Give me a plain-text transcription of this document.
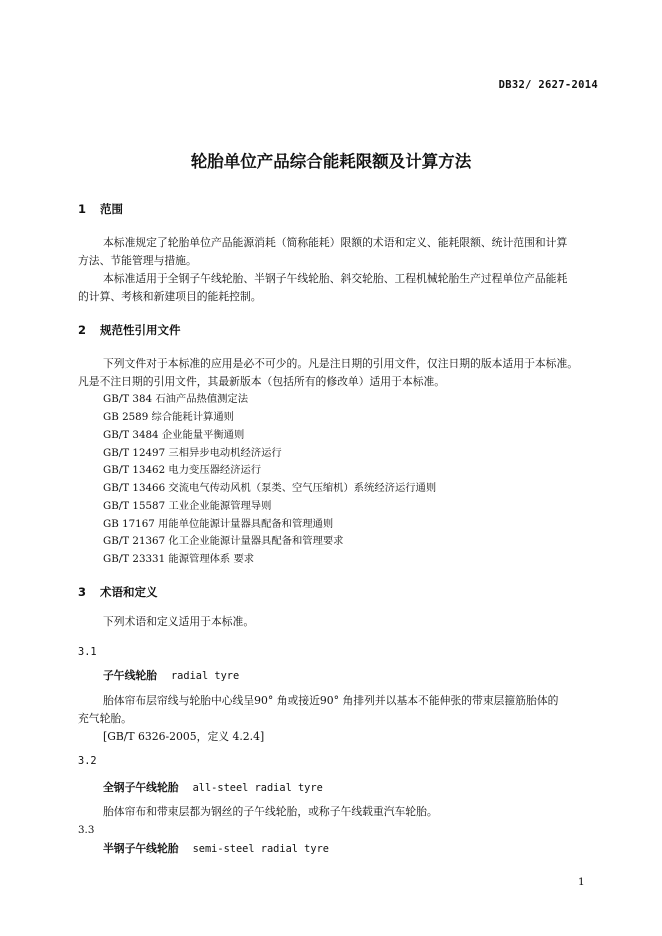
DB32/ 2627-2014
轮胎单位产品综合能耗限额及计算方法
1 范围
本标准规定了轮胎单位产品能源消耗（简称能耗）限额的术语和定义、能耗限额、统计范围和计算
方法、节能管理与措施。
本标准适用于全钢子午线轮胎、半钢子午线轮胎、斜交轮胎、工程机械轮胎生产过程单位产品能耗
的计算、考核和新建项目的能耗控制。
2 规范性引用文件
下列文件对于本标准的应用是必不可少的。凡是注日期的引用文件，仅注日期的版本适用于本标准。
凡是不注日期的引用文件，其最新版本（包括所有的修改单）适用于本标准。
GB/T 384 石油产品热值测定法
GB 2589 综合能耗计算通则
GB/T 3484 企业能量平衡通则
GB/T 12497 三相异步电动机经济运行
GB/T 13462 电力变压器经济运行
GB/T 13466 交流电气传动风机（泵类、空气压缩机）系统经济运行通则
GB/T 15587 工业企业能源管理导则
GB 17167 用能单位能源计量器具配备和管理通则
GB/T 21367 化工企业能源计量器具配备和管理要求
GB/T 23331 能源管理体系 要求
3 术语和定义
下列术语和定义适用于本标准。
3.1
子午线轮胎 radial tyre
胎体帘布层帘线与轮胎中心线呈90° 角或接近90° 角排列并以基本不能伸张的带束层箍筋胎体的
充气轮胎。
[GB/T 6326-2005，定义 4.2.4]
3.2
全钢子午线轮胎 all-steel radial tyre
胎体帘布和带束层都为钢丝的子午线轮胎，或称子午线载重汽车轮胎。
3.3
半钢子午线轮胎 semi-steel radial tyre
1
